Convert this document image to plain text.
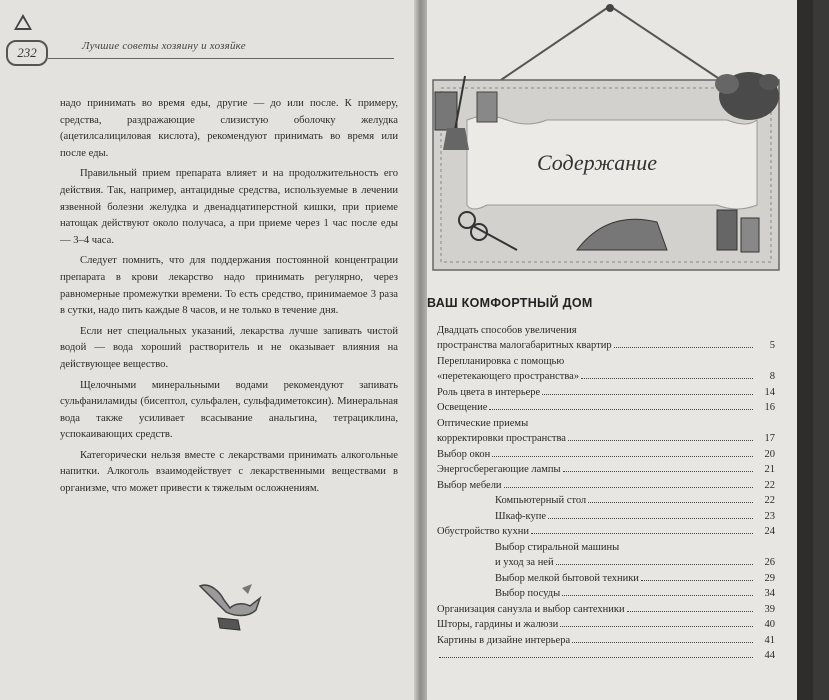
232	Лучшие советы хозяину и хозяйке

надо принимать во время еды, другие — до или после. К примеру, средства, раздражающие слизистую оболочку желудка (ацетилсалициловая кислота), рекомендуют принимать во время или после еды.

Правильный прием препарата влияет и на продолжительность его действия. Так, например, антацидные средства, используемые в лечении язвенной болезни желудка и двенадцатиперстной кишки, при приеме натощак действуют около получаса, а при приеме через 1 час после еды — 3–4 часа.

Следует помнить, что для поддержания постоянной концентрации препарата в крови лекарство надо принимать регулярно, через равномерные промежутки времени. То есть средство, принимаемое 3 раза в сутки, надо пить каждые 8 часов, и не только в течение дня.

Если нет специальных указаний, лекарства лучше запивать чистой водой — вода хороший растворитель и не оказывает влияния на действующее вещество.

Щелочными минеральными водами рекомендуют запивать сульфаниламиды (бисептол, сульфален, сульфадиметоксин). Минеральная вода также усиливает всасывание анальгина, тетрациклина, успокаивающих средств.

Категорически нельзя вместе с лекарствами принимать алкогольные напитки. Алкоголь взаимодействует с лекарственными веществами в организме, что может привести к тяжелым осложнениям.

Содержание
ВАШ КОМФОРТНЫЙ ДОМ
Двадцать способов увеличения
пространства малогабаритных квартир	5
Перепланировка с помощью
«перетекающего пространства»	8
Роль цвета в интерьере	14
Освещение	16
Оптические приемы
корректировки пространства	17
Выбор окон	20
Энергосберегающие лампы	21
Выбор мебели	22
Компьютерный стол	22
Шкаф-купе	23
Обустройство кухни	24
Выбор стиральной машины
и уход за ней	26
Выбор мелкой бытовой техники	29
Выбор посуды	34
Организация санузла и выбор сантехники	39
Шторы, гардины и жалюзи	40
Картины в дизайне интерьера	41
44
